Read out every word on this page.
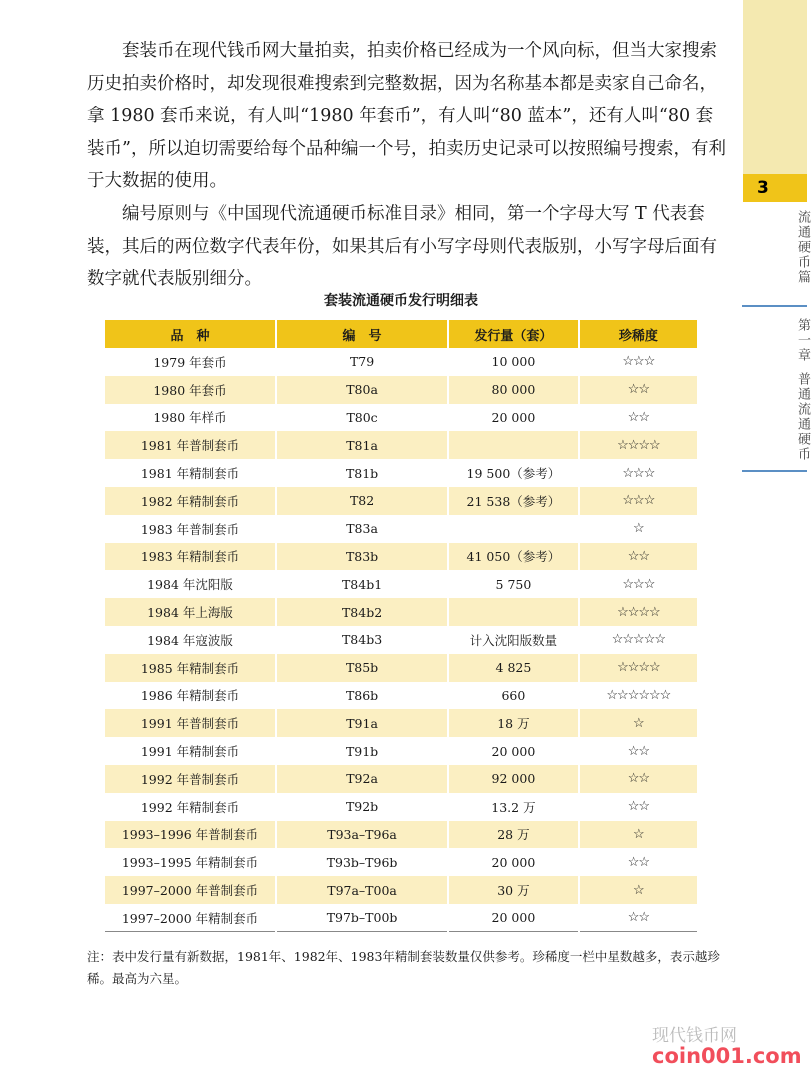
3
流通硬币篇
第一章
普通流通硬币

套装币在现代钱币网大量拍卖，拍卖价格已经成为一个风向标，但当大家搜索历史拍卖价格时，却发现很难搜索到完整数据，因为名称基本都是卖家自己命名，拿 1980 套币来说，有人叫“1980 年套币”，有人叫“80 蓝本”，还有人叫“80 套装币”，所以迫切需要给每个品种编一个号，拍卖历史记录可以按照编号搜索，有利于大数据的使用。

编号原则与《中国现代流通硬币标准目录》相同，第一个字母大写 T 代表套装，其后的两位数字代表年份，如果其后有小写字母则代表版别，小写字母后面有数字就代表版别细分。

套装流通硬币发行明细表
品　种	编　号	发行量（套）	珍稀度
1979 年套币	T79	10 000	☆☆☆
1980 年套币	T80a	80 000	☆☆
1980 年样币	T80c	20 000	☆☆
1981 年普制套币	T81a		☆☆☆☆
1981 年精制套币	T81b	19 500（参考）	☆☆☆
1982 年精制套币	T82	21 538（参考）	☆☆☆
1983 年普制套币	T83a		☆
1983 年精制套币	T83b	41 050（参考）	☆☆
1984 年沈阳版	T84b1	5 750	☆☆☆
1984 年上海版	T84b2		☆☆☆☆
1984 年寇波版	T84b3	计入沈阳版数量	☆☆☆☆☆
1985 年精制套币	T85b	4 825	☆☆☆☆
1986 年精制套币	T86b	660	☆☆☆☆☆☆
1991 年普制套币	T91a	18 万	☆
1991 年精制套币	T91b	20 000	☆☆
1992 年普制套币	T92a	92 000	☆☆
1992 年精制套币	T92b	13.2 万	☆☆
1993–1996 年普制套币	T93a–T96a	28 万	☆
1993–1995 年精制套币	T93b–T96b	20 000	☆☆
1997–2000 年普制套币	T97a–T00a	30 万	☆
1997–2000 年精制套币	T97b–T00b	20 000	☆☆
注：表中发行量有新数据，1981年、1982年、1983年精制套装数量仅供参考。珍稀度一栏中星数越多，表示越珍稀。最高为六星。
现代钱币网
coin001.com
